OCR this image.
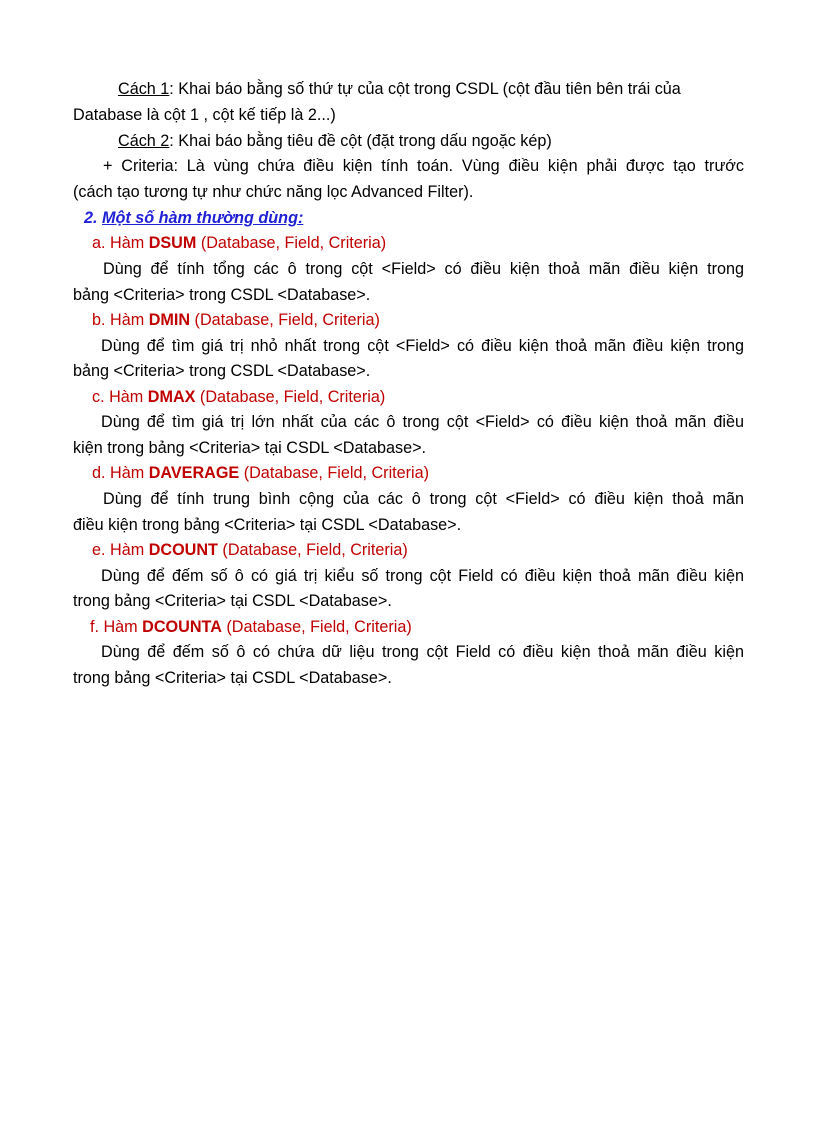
Cách 1: Khai báo bằng số thứ tự của cột trong CSDL (cột đầu tiên bên trái của
Database là cột 1 , cột kế tiếp là 2...)
Cách 2: Khai báo bằng tiêu đề cột (đặt trong dấu ngoặc kép)
+ Criteria: Là vùng chứa điều kiện tính toán. Vùng điều kiện phải được tạo trước
(cách tạo tương tự như chức năng lọc Advanced Filter).
2. Một số hàm thường dùng:
a. Hàm DSUM (Database, Field, Criteria)
Dùng để tính tổng các ô trong cột <Field> có điều kiện thoả mãn điều kiện trong
bảng <Criteria> trong CSDL <Database>.
b. Hàm DMIN (Database, Field, Criteria)
Dùng để tìm giá trị nhỏ nhất trong cột <Field> có điều kiện thoả mãn điều kiện trong
bảng <Criteria> trong CSDL <Database>.
c. Hàm DMAX (Database, Field, Criteria)
Dùng để tìm giá trị lớn nhất của các ô trong cột <Field> có điều kiện thoả mãn điều
kiện trong bảng <Criteria> tại CSDL <Database>.
d. Hàm DAVERAGE (Database, Field, Criteria)
Dùng để tính trung bình cộng của các ô trong cột <Field> có điều kiện thoả mãn
điều kiện trong bảng <Criteria> tại CSDL <Database>.
e. Hàm DCOUNT (Database, Field, Criteria)
Dùng để đếm số ô có giá trị kiểu số trong cột Field có điều kiện thoả mãn điều kiện
trong bảng <Criteria> tại CSDL <Database>.
f. Hàm DCOUNTA (Database, Field, Criteria)
Dùng để đếm số ô có chứa dữ liệu trong cột Field có điều kiện thoả mãn điều kiện
trong bảng <Criteria> tại CSDL <Database>.
